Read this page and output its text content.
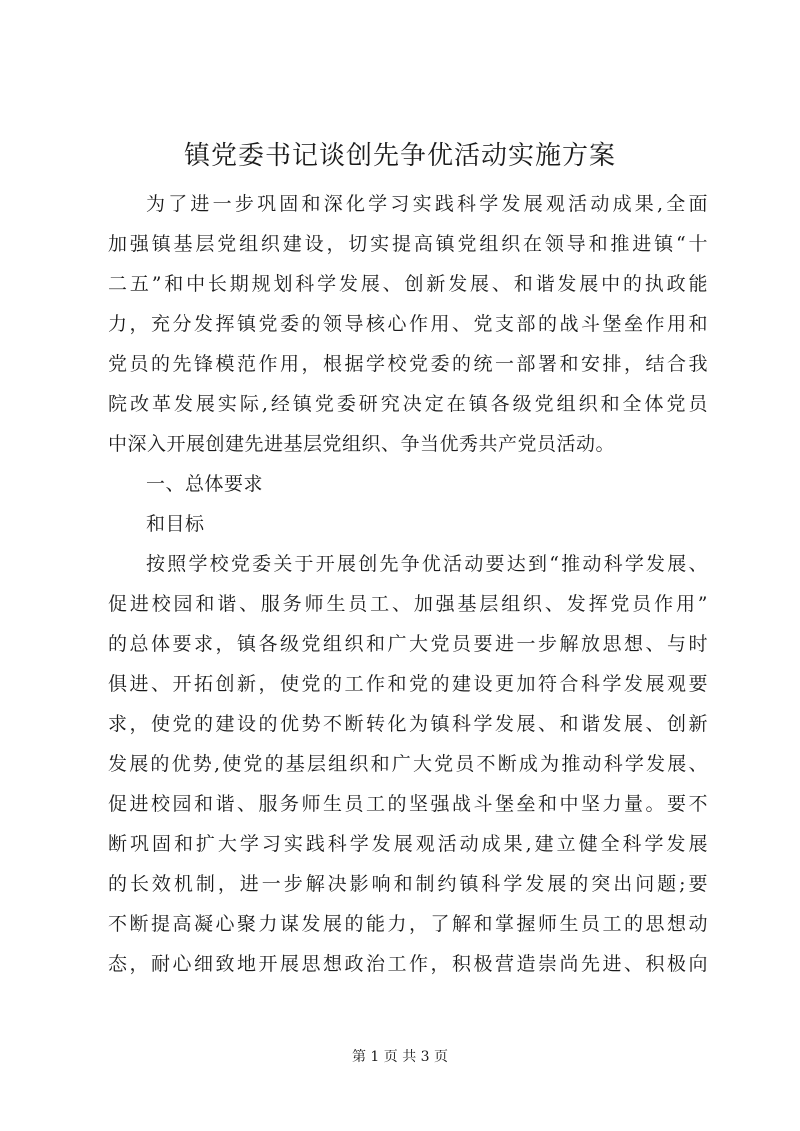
镇党委书记谈创先争优活动实施方案
为了进一步巩固和深化学习实践科学发展观活动成果,全面
加强镇基层党组织建设，切实提高镇党组织在领导和推进镇“十
二五”和中长期规划科学发展、创新发展、和谐发展中的执政能
力，充分发挥镇党委的领导核心作用、党支部的战斗堡垒作用和
党员的先锋模范作用，根据学校党委的统一部署和安排，结合我
院改革发展实际,经镇党委研究决定在镇各级党组织和全体党员
中深入开展创建先进基层党组织、争当优秀共产党员活动。
一、总体要求
和目标
按照学校党委关于开展创先争优活动要达到“推动科学发展、
促进校园和谐、服务师生员工、加强基层组织、发挥党员作用”
的总体要求，镇各级党组织和广大党员要进一步解放思想、与时
俱进、开拓创新，使党的工作和党的建设更加符合科学发展观要
求，使党的建设的优势不断转化为镇科学发展、和谐发展、创新
发展的优势,使党的基层组织和广大党员不断成为推动科学发展、
促进校园和谐、服务师生员工的坚强战斗堡垒和中坚力量。要不
断巩固和扩大学习实践科学发展观活动成果,建立健全科学发展
的长效机制，进一步解决影响和制约镇科学发展的突出问题;要
不断提高凝心聚力谋发展的能力，了解和掌握师生员工的思想动
态，耐心细致地开展思想政治工作，积极营造崇尚先进、积极向
第 1 页 共 3 页
